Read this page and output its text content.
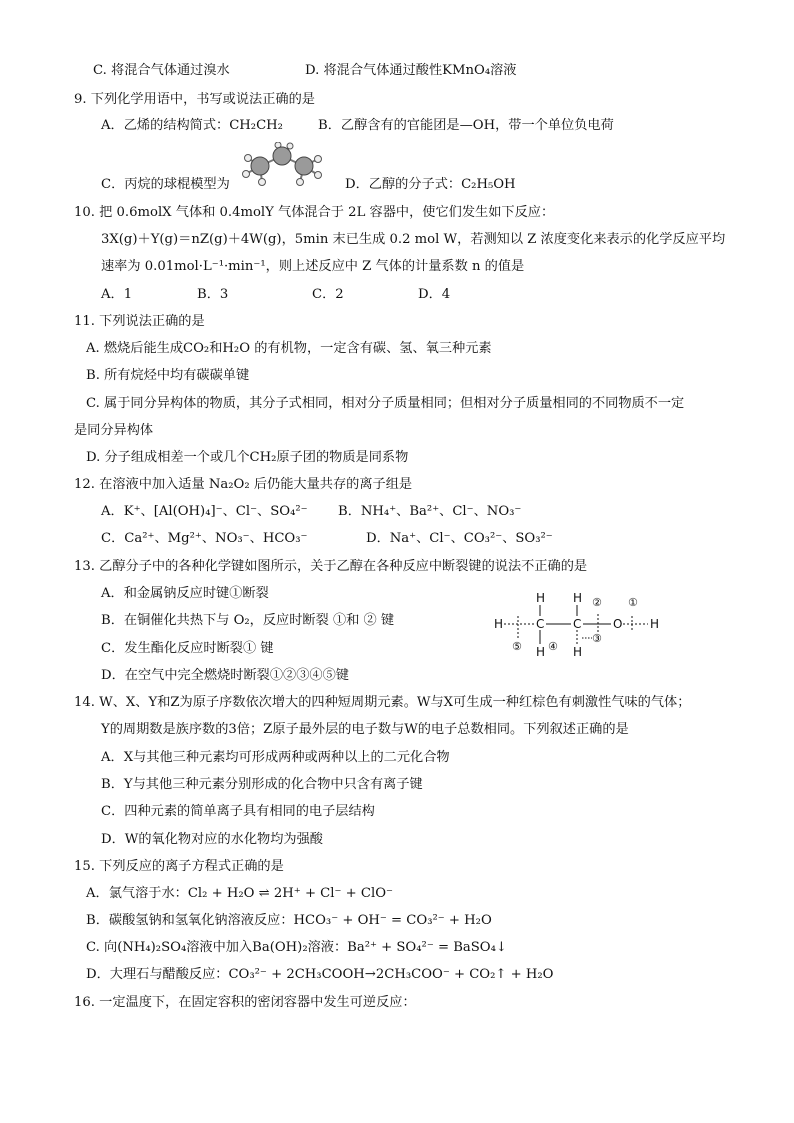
C. 将混合气体通过溴水	D. 将混合气体通过酸性KMnO₄溶液
9. 下列化学用语中，书写或说法正确的是
A．乙烯的结构简式：CH₂CH₂	B．乙醇含有的官能团是—OH，带一个单位负电荷
C．丙烷的球棍模型为	D．乙醇的分子式：C₂H₅OH
10. 把 0.6molX 气体和 0.4molY 气体混合于 2L 容器中，使它们发生如下反应：
3X(g)＋Y(g)＝nZ(g)＋4W(g)，5min 末已生成 0.2 mol W，若测知以 Z 浓度变化来表示的化学反应平均
速率为 0.01mol·L⁻¹·min⁻¹，则上述反应中 Z 气体的计量系数 n 的值是
A．1	B．3	C．2	D．4
11. 下列说法正确的是
A. 燃烧后能生成CO₂和H₂O 的有机物，一定含有碳、氢、氧三种元素
B. 所有烷烃中均有碳碳单键
C. 属于同分异构体的物质，其分子式相同，相对分子质量相同；但相对分子质量相同的不同物质不一定
是同分异构体
D. 分子组成相差一个或几个CH₂原子团的物质是同系物
12. 在溶液中加入适量 Na₂O₂ 后仍能大量共存的离子组是
A．K⁺、[Al(OH)₄]⁻、Cl⁻、SO₄²⁻ B．NH₄⁺、Ba²⁺、Cl⁻、NO₃⁻
C．Ca²⁺、Mg²⁺、NO₃⁻、HCO₃⁻	D．Na⁺、Cl⁻、CO₃²⁻、SO₃²⁻
13. 乙醇分子中的各种化学键如图所示，关于乙醇在各种反应中断裂键的说法不正确的是
A．和金属钠反应时键①断裂
B．在铜催化共热下与 O₂，反应时断裂 ①和 ② 键
C．发生酯化反应时断裂① 键
D．在空气中完全燃烧时断裂①②③④⑤键
14. W、X、Y和Z为原子序数依次增大的四种短周期元素。W与X可生成一种红棕色有刺激性气味的气体；
Y的周期数是族序数的3倍；Z原子最外层的电子数与W的电子总数相同。下列叙述正确的是
A．X与其他三种元素均可形成两种或两种以上的二元化合物
B．Y与其他三种元素分别形成的化合物中只含有离子键
C．四种元素的简单离子具有相同的电子层结构
D．W的氧化物对应的水化物均为强酸
15. 下列反应的离子方程式正确的是
A．氯气溶于水：Cl₂ + H₂O ⇌ 2H⁺ + Cl⁻ + ClO⁻
B．碳酸氢钠和氢氧化钠溶液反应：HCO₃⁻ + OH⁻ = CO₃²⁻ + H₂O
C. 向(NH₄)₂SO₄溶液中加入Ba(OH)₂溶液：Ba²⁺ + SO₄²⁻ = BaSO₄↓
D．大理石与醋酸反应：CO₃²⁻ + 2CH₃COOH→2CH₃COO⁻ + CO₂↑ + H₂O
16. 一定温度下，在固定容积的密闭容器中发生可逆反应：
H
H H
C C	O H
H H
⑤ ④
③
② ①
